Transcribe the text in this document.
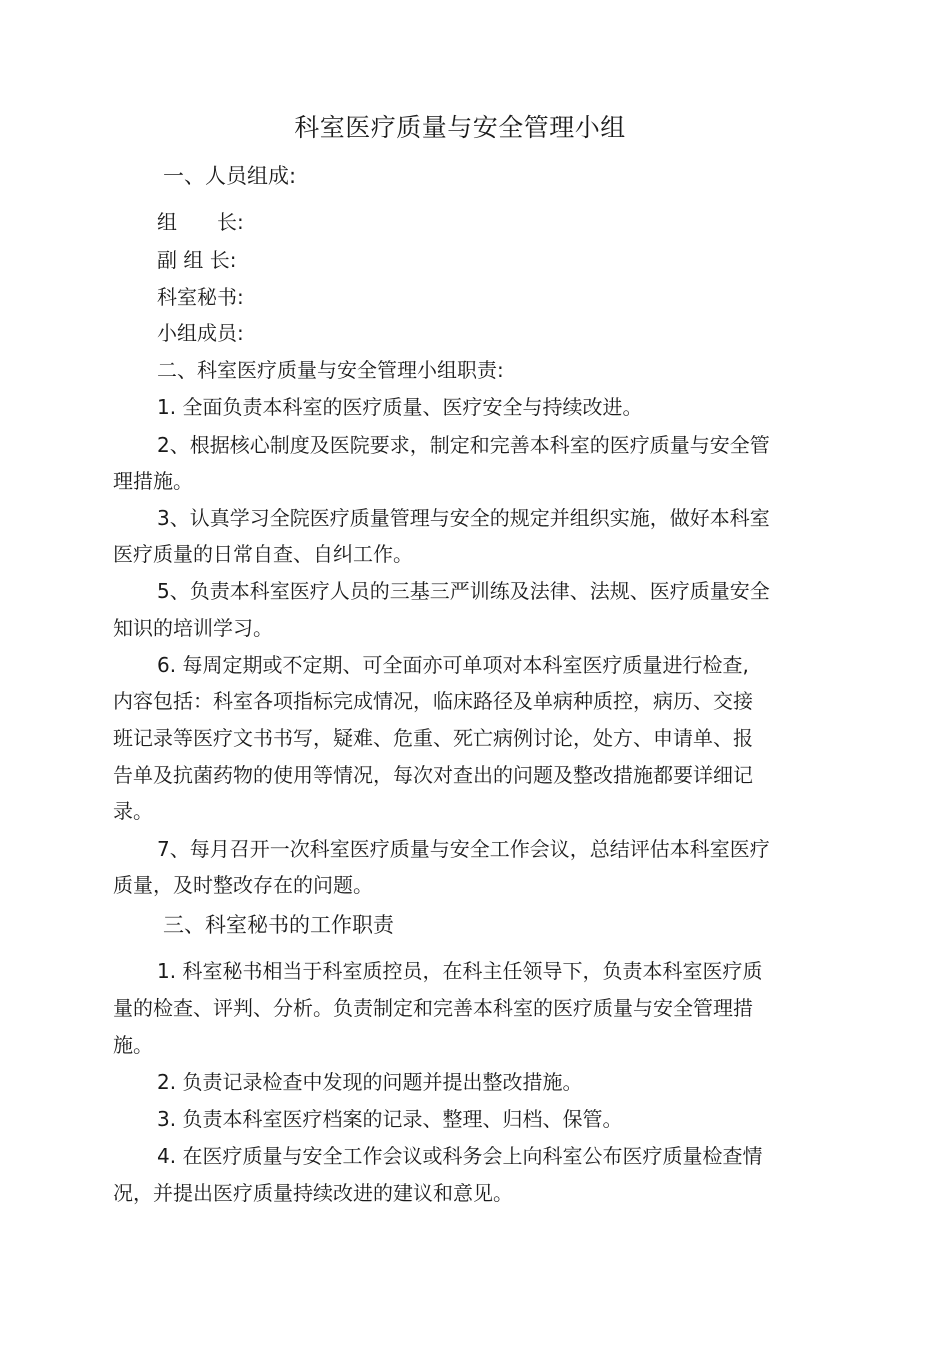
科室医疗质量与安全管理小组
一、人员组成:
组　　长:
副 组 长:
科室秘书:
小组成员:
二、科室医疗质量与安全管理小组职责:
1. 全面负责本科室的医疗质量、医疗安全与持续改进。
2、根据核心制度及医院要求，制定和完善本科室的医疗质量与安全管
理措施。
3、认真学习全院医疗质量管理与安全的规定并组织实施，做好本科室
医疗质量的日常自查、自纠工作。
5、负责本科室医疗人员的三基三严训练及法律、法规、医疗质量安全
知识的培训学习。
6. 每周定期或不定期、可全面亦可单项对本科室医疗质量进行检查,
内容包括：科室各项指标完成情况，临床路径及单病种质控，病历、交接
班记录等医疗文书书写，疑难、危重、死亡病例讨论，处方、申请单、报
告单及抗菌药物的使用等情况，每次对查出的问题及整改措施都要详细记
录。
7、每月召开一次科室医疗质量与安全工作会议，总结评估本科室医疗
质量，及时整改存在的问题。
三、科室秘书的工作职责
1. 科室秘书相当于科室质控员，在科主任领导下，负责本科室医疗质
量的检查、评判、分析。负责制定和完善本科室的医疗质量与安全管理措
施。
2. 负责记录检查中发现的问题并提出整改措施。
3. 负责本科室医疗档案的记录、整理、归档、保管。
4. 在医疗质量与安全工作会议或科务会上向科室公布医疗质量检查情
况，并提出医疗质量持续改进的建议和意见。
